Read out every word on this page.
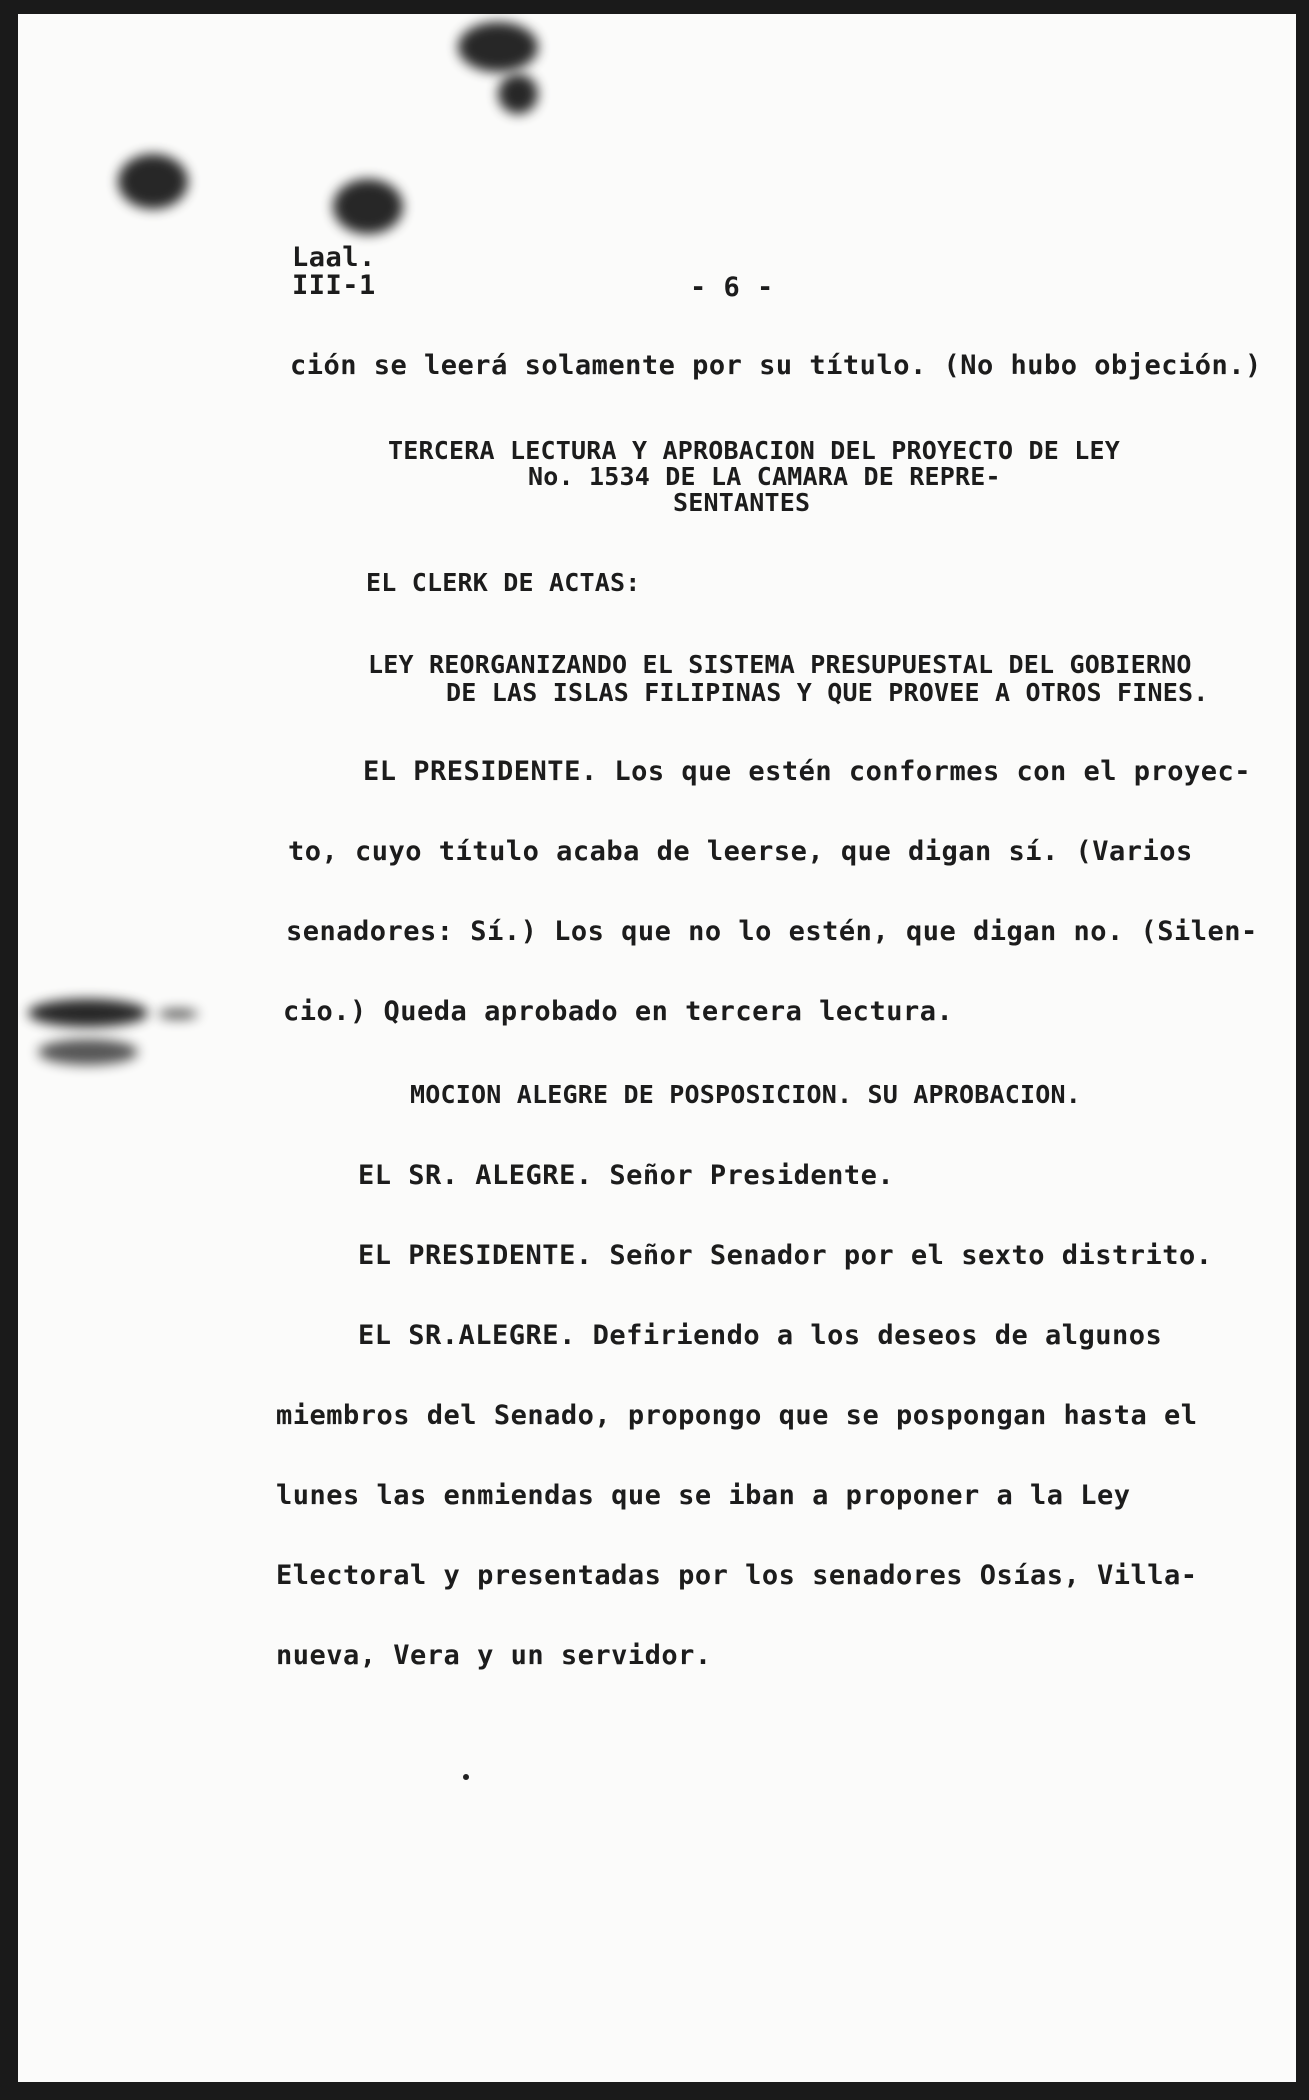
Laal.
III-1	- 6 -
ción se leerá solamente por su título. (No hubo objeción.)
TERCERA LECTURA Y APROBACION DEL PROYECTO DE LEY
No. 1534 DE LA CAMARA DE REPRE-
SENTANTES
EL CLERK DE ACTAS:
LEY REORGANIZANDO EL SISTEMA PRESUPUESTAL DEL GOBIERNO
DE LAS ISLAS FILIPINAS Y QUE PROVEE A OTROS FINES.
EL PRESIDENTE. Los que estén conformes con el proyec-
to, cuyo título acaba de leerse, que digan sí. (Varios
senadores: Sí.) Los que no lo estén, que digan no. (Silen-
cio.) Queda aprobado en tercera lectura.
MOCION ALEGRE DE POSPOSICION. SU APROBACION.
EL SR. ALEGRE. Señor Presidente.
EL PRESIDENTE. Señor Senador por el sexto distrito.
EL SR.ALEGRE. Defiriendo a los deseos de algunos
miembros del Senado, propongo que se pospongan hasta el
lunes las enmiendas que se iban a proponer a la Ley
Electoral y presentadas por los senadores Osías, Villa-
nueva, Vera y un servidor.
